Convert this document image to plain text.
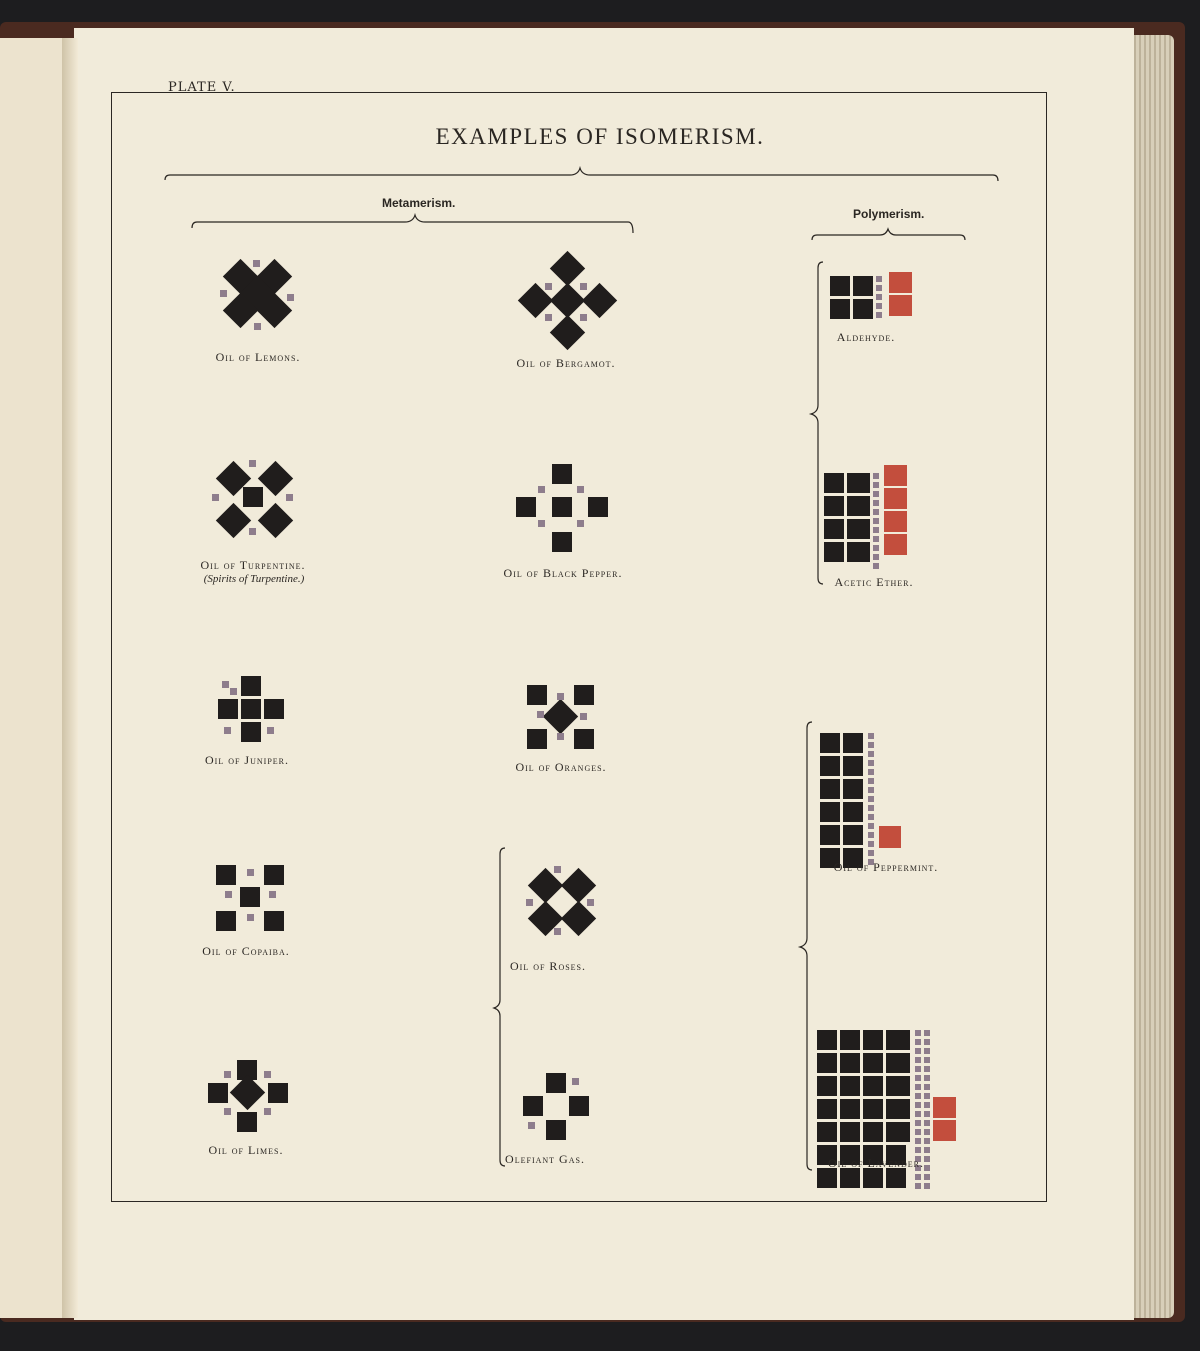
PLATE V.
EXAMPLES OF ISOMERISM.
Metamerism.
Polymerism.
Oil of Lemons.	Oil of Bergamot.
Oil of Turpentine.
(Spirits of Turpentine.)	Oil of Black Pepper.
Oil of Juniper.	Oil of Oranges.
Oil of Copaiba.
Oil of Roses.
Oil of Limes.
Olefiant Gas.
Aldehyde.
Acetic Ether.
Oil of Peppermint.
Oil of Lavender.
